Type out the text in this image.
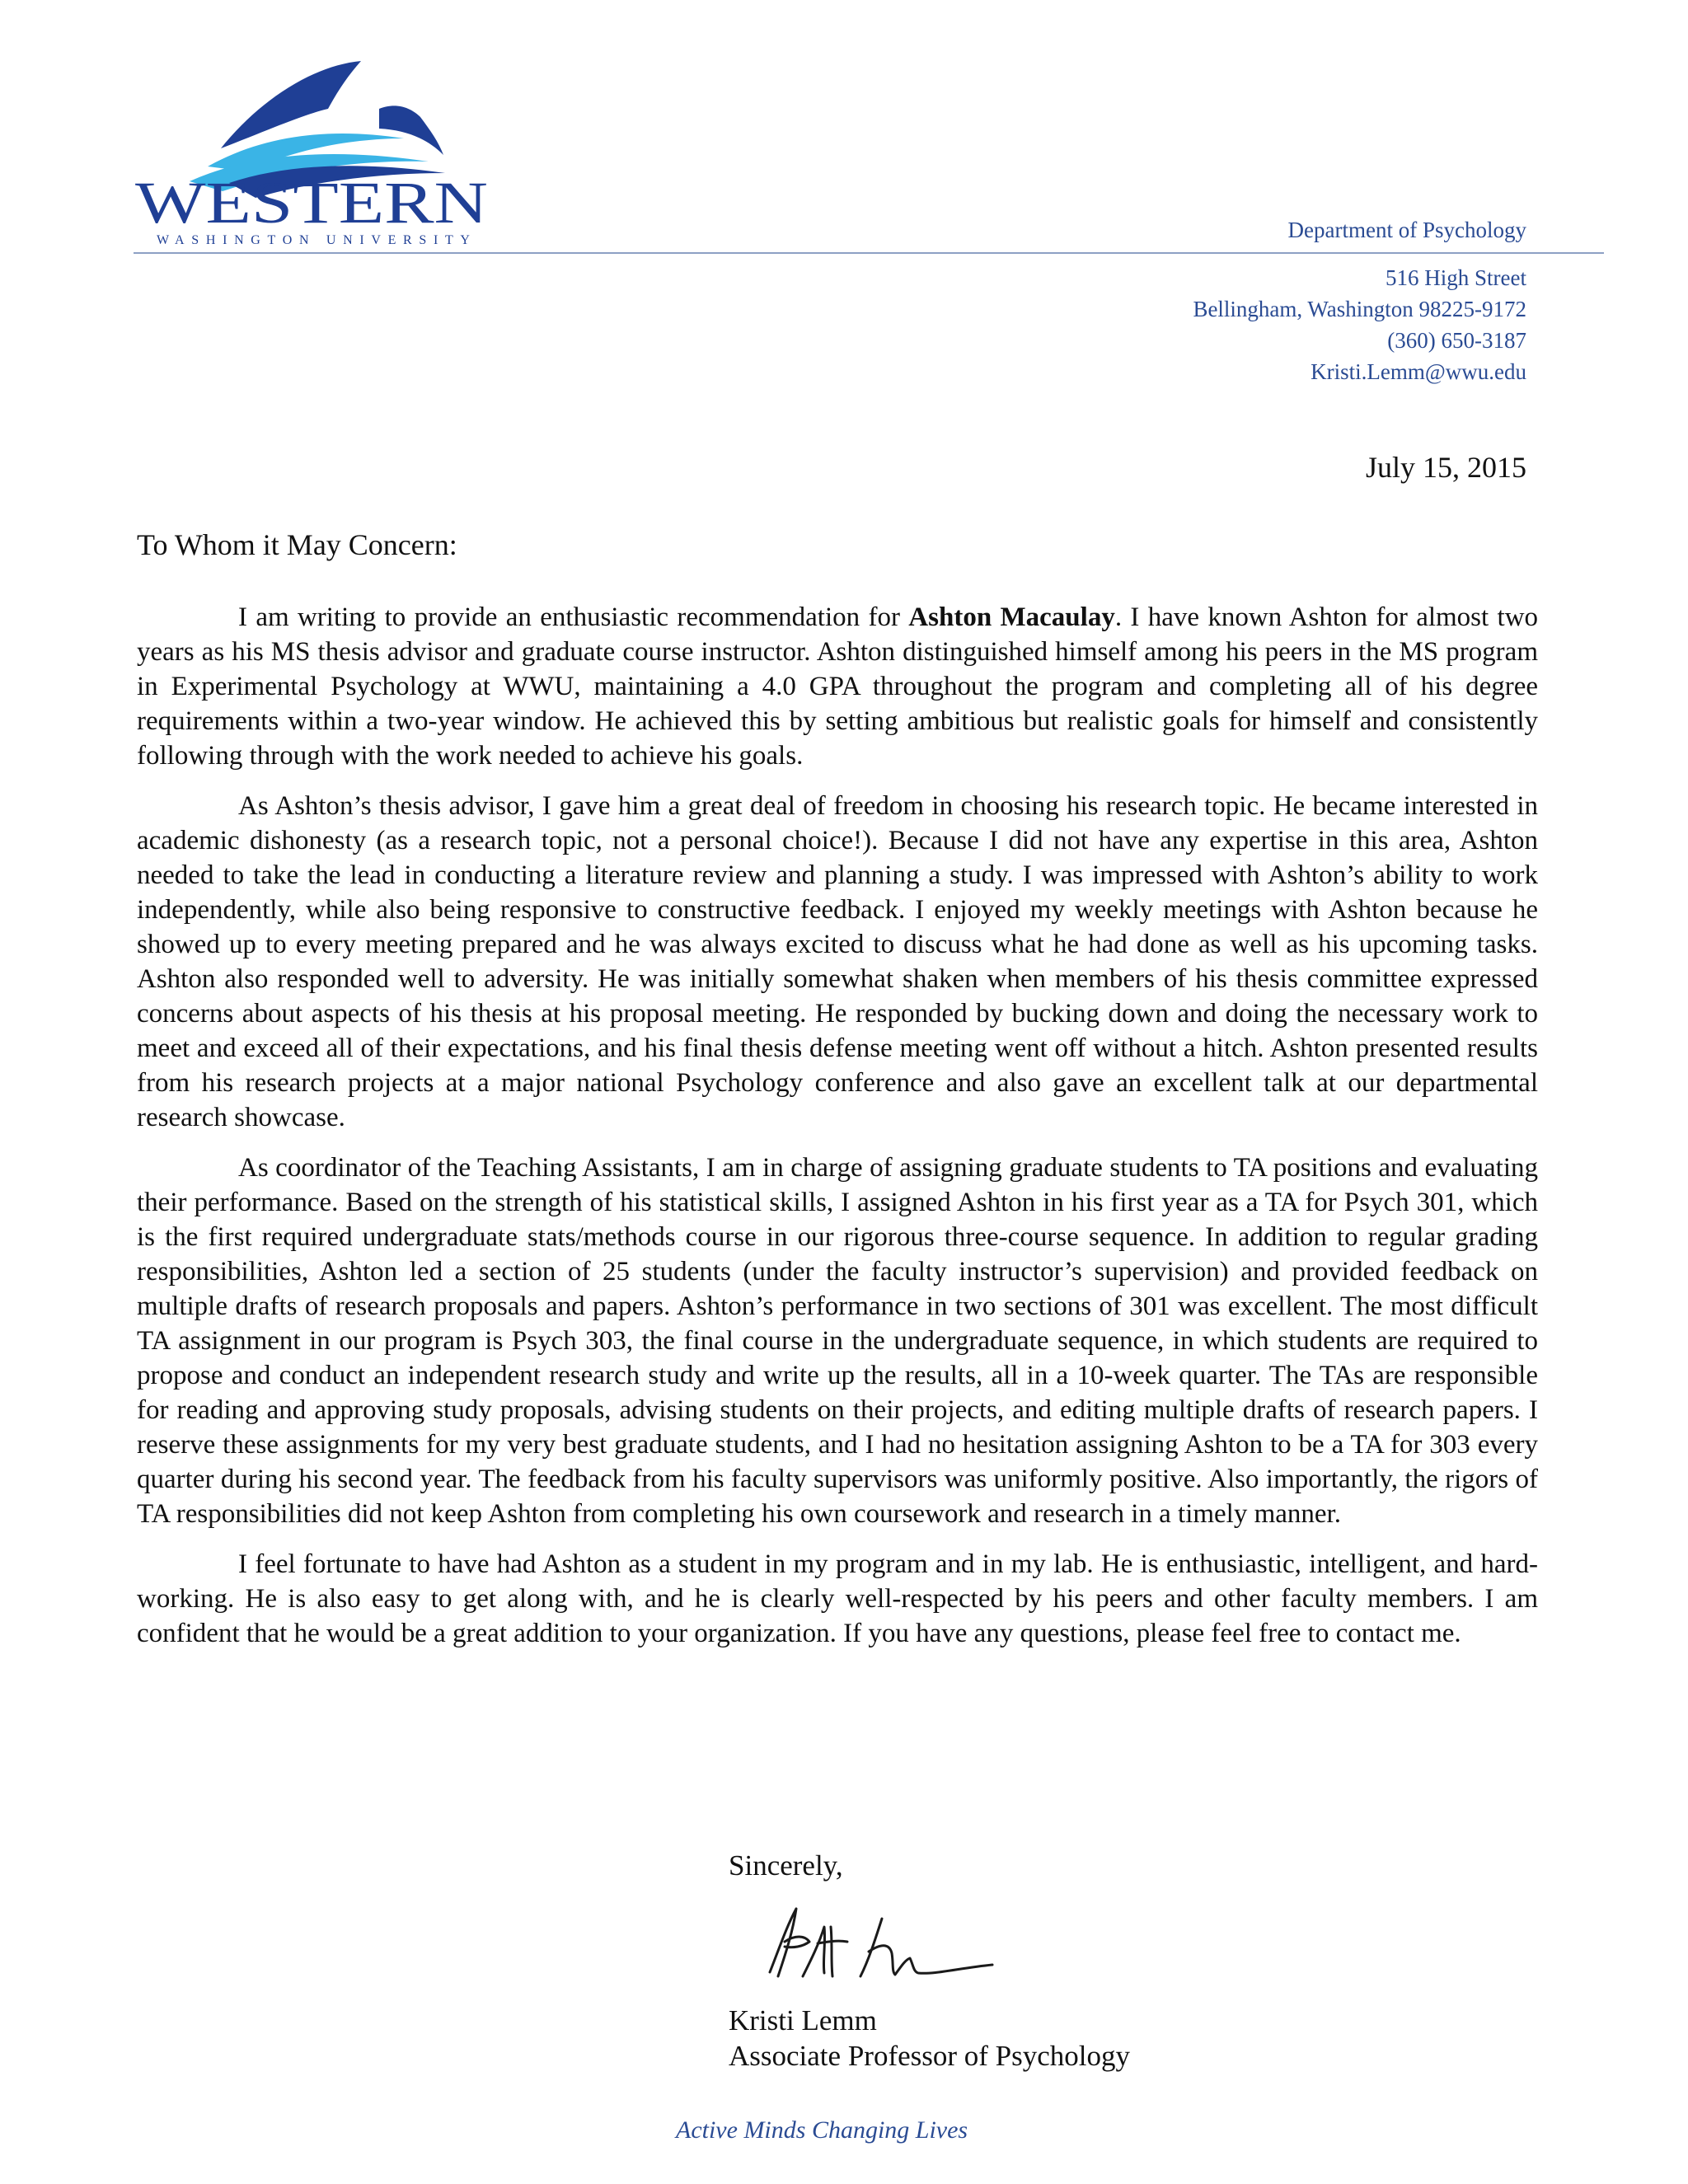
WESTERN
WASHINGTON UNIVERSITY	Department of Psychology
516 High Street
Bellingham, Washington 98225-9172
(360) 650-3187
Kristi.Lemm@wwu.edu
July 15, 2015
To Whom it May Concern:

I am writing to provide an enthusiastic recommendation for Ashton Macaulay. I have known Ashton for almost two years as his MS thesis advisor and graduate course instructor. Ashton distinguished himself among his peers in the MS program in Experimental Psychology at WWU, maintaining a 4.0 GPA throughout the program and completing all of his degree requirements within a two-year window. He achieved this by setting ambitious but realistic goals for himself and consistently following through with the work needed to achieve his goals.

As Ashton’s thesis advisor, I gave him a great deal of freedom in choosing his research topic. He became interested in academic dishonesty (as a research topic, not a personal choice!). Because I did not have any expertise in this area, Ashton needed to take the lead in conducting a literature review and planning a study. I was impressed with Ashton’s ability to work independently, while also being responsive to constructive feedback. I enjoyed my weekly meetings with Ashton because he showed up to every meeting prepared and he was always excited to discuss what he had done as well as his upcoming tasks. Ashton also responded well to adversity. He was initially somewhat shaken when members of his thesis committee expressed concerns about aspects of his thesis at his proposal meeting. He responded by bucking down and doing the necessary work to meet and exceed all of their expectations, and his final thesis defense meeting went off without a hitch. Ashton presented results from his research projects at a major national Psychology conference and also gave an excellent talk at our departmental research showcase.

As coordinator of the Teaching Assistants, I am in charge of assigning graduate students to TA positions and evaluating their performance. Based on the strength of his statistical skills, I assigned Ashton in his first year as a TA for Psych 301, which is the first required undergraduate stats/methods course in our rigorous three-course sequence. In addition to regular grading responsibilities, Ashton led a section of 25 students (under the faculty instructor’s supervision) and provided feedback on multiple drafts of research proposals and papers. Ashton’s performance in two sections of 301 was excellent. The most difficult TA assignment in our program is Psych 303, the final course in the undergraduate sequence, in which students are required to propose and conduct an independent research study and write up the results, all in a 10-week quarter. The TAs are responsible for reading and approving study proposals, advising students on their projects, and editing multiple drafts of research papers. I reserve these assignments for my very best graduate students, and I had no hesitation assigning Ashton to be a TA for 303 every quarter during his second year. The feedback from his faculty supervisors was uniformly positive. Also importantly, the rigors of TA responsibilities did not keep Ashton from completing his own coursework and research in a timely manner.

I feel fortunate to have had Ashton as a student in my program and in my lab. He is enthusiastic, intelligent, and hard-working. He is also easy to get along with, and he is clearly well-respected by his peers and other faculty members. I am confident that he would be a great addition to your organization. If you have any questions, please feel free to contact me.

Sincerely,
Kristi Lemm
Associate Professor of Psychology
Active Minds Changing Lives
